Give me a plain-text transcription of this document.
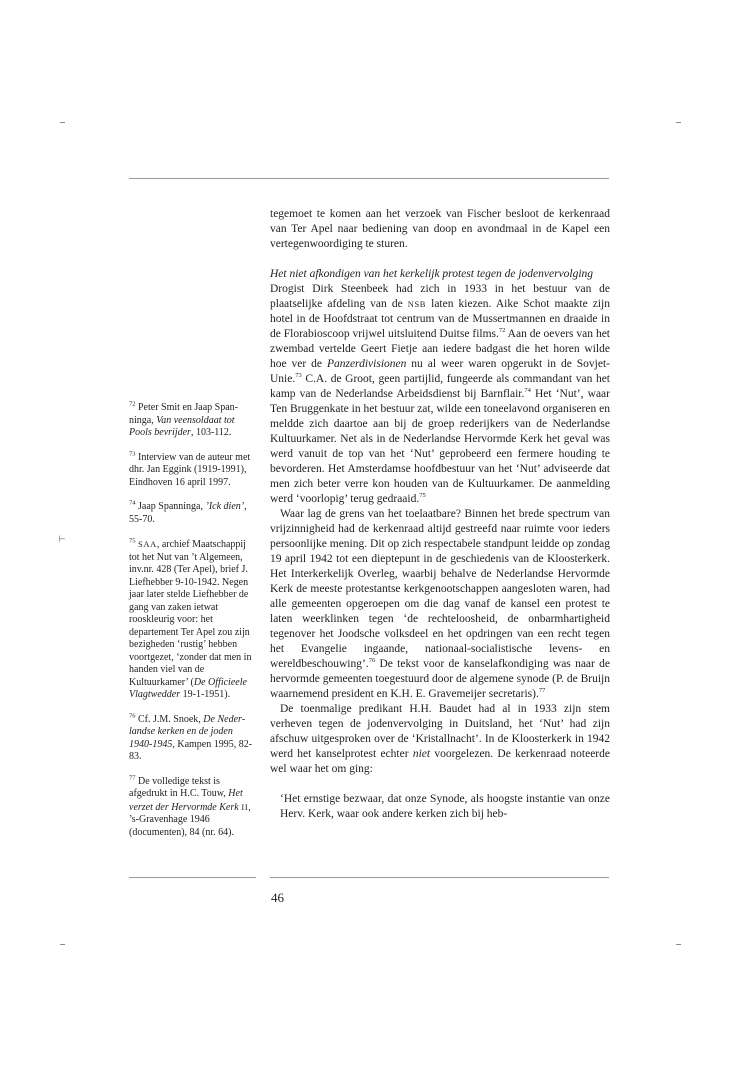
⊢
$^{72}$ Peter Smit en Jaap Spanninga, Van veensoldaat tot Pools bevrijder, 103-112.
$^{73}$ Interview van de auteur met dhr. Jan Eggink (1919-1991), Eindhoven 16 april 1997.
$^{74}$ Jaap Spanninga, ’Ick dien’, 55-70.
$^{75}$ SAA, archief Maatschappij tot het Nut van ’t Algemeen, inv.nr. 428 (Ter Apel), brief J. Liefhebber 9-10-1942. Negen jaar later stelde Liefhebber de gang van zaken ietwat rooskleurig voor: het departement Ter Apel zou zijn bezigheden ‘rustig’ hebben voortgezet, ‘zonder dat men in handen viel van de Kultuurkamer’ (De Officieele Vlagtwedder 19-1-1951).
$^{76}$ Cf. J.M. Snoek, De Nederlandse kerken en de joden 1940-1945, Kampen 1995, 82-83.
$^{77}$ De volledige tekst is afgedrukt in H.C. Touw, Het verzet der Hervormde Kerk II, ’s-Gravenhage 1946 (documenten), 84 (nr. 64).

tegemoet te komen aan het verzoek van Fischer besloot de kerkenraad van Ter Apel naar bediening van doop en avondmaal in de Kapel een vertegenwoordiging te sturen.

Het niet afkondigen van het kerkelijk protest tegen de jodenvervolging

Drogist Dirk Steenbeek had zich in 1933 in het bestuur van de plaatselijke afdeling van de NSB laten kiezen. Aike Schot maakte zijn hotel in de Hoofdstraat tot centrum van de Mussertmannen en draaide in de Florabioscoop vrijwel uitsluitend Duitse films.$^{72}$ Aan de oevers van het zwembad vertelde Geert Fietje aan iedere badgast die het horen wilde hoe ver de Panzerdivisionen nu al weer waren opgerukt in de Sovjet-Unie.$^{73}$ C.A. de Groot, geen partijlid, fungeerde als commandant van het kamp van de Nederlandse Arbeidsdienst bij Barnflair.$^{74}$ Het ‘Nut’, waar Ten Bruggenkate in het bestuur zat, wilde een toneelavond organiseren en meldde zich daartoe aan bij de groep rederijkers van de Nederlandse Kultuurkamer. Net als in de Nederlandse Hervormde Kerk het geval was werd vanuit de top van het ‘Nut’ geprobeerd een fermere houding te bevorderen. Het Amsterdamse hoofdbestuur van het ‘Nut’ adviseerde dat men zich beter verre kon houden van de Kultuurkamer. De aanmelding werd ‘voorlopig’ terug gedraaid.$^{75}$

Waar lag de grens van het toelaatbare? Binnen het brede spectrum van vrijzinnigheid had de kerkenraad altijd gestreefd naar ruimte voor ieders persoonlijke mening. Dit op zich respectabele standpunt leidde op zondag 19 april 1942 tot een dieptepunt in de geschiedenis van de Kloosterkerk. Het Interkerkelijk Overleg, waarbij behalve de Nederlandse Hervormde Kerk de meeste protestantse kerkgenootschappen aangesloten waren, had alle gemeenten opgeroepen om die dag vanaf de kansel een protest te laten weerklinken tegen ‘de rechteloosheid, de onbarmhartigheid tegenover het Joodsche volksdeel en het opdringen van een recht tegen het Evangelie ingaande, nationaal-socialistische levens- en wereldbeschouwing’.$^{76}$ De tekst voor de kanselafkondiging was naar de hervormde gemeenten toegestuurd door de algemene synode (P. de Bruijn waarnemend president en K.H. E. Gravemeijer secretaris).$^{77}$

De toenmalige predikant H.H. Baudet had al in 1933 zijn stem verheven tegen de jodenvervolging in Duitsland, het ‘Nut’ had zijn afschuw uitgesproken over de ‘Kristallnacht’. In de Kloosterkerk in 1942 werd het kanselprotest echter niet voorgelezen. De kerkenraad noteerde wel waar het om ging:

‘Het ernstige bezwaar, dat onze Synode, als hoogste instantie van onze Herv. Kerk, waar ook andere kerken zich bij heb-

46
